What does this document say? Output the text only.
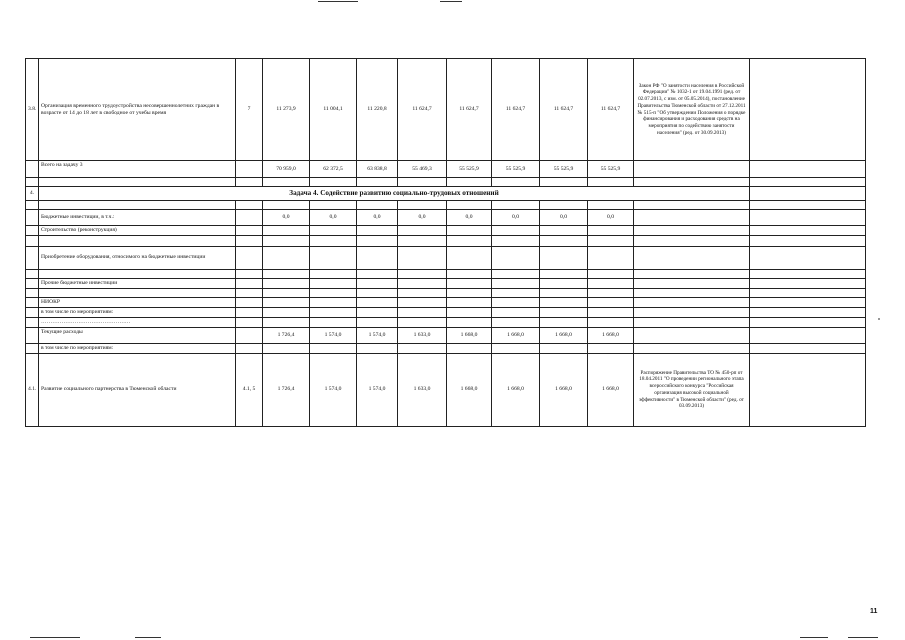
3.8.	Организация временного трудоустройства несовершеннолетних граждан в возрасте от 14 до 18 лет в свободное от учебы время	7	11 273,9	11 004,1	11 220,8	11 624,7	11 624,7	11 624,7	11 624,7	11 624,7	Закон РФ "О занятости населения в Российской Федерации" № 1032-1 от 19.04.1991 (ред. от 02.07.2013, с изм. от 05.05.2014), постановление Правительства Тюменской области от 27.12.2011 № 515-п "Об утверждении Положения о порядке финансирования и расходования средств на мероприятия по содействию занятости населения" (ред. от 30.09.2013)	
	Всего на задачу 3		70 959,0	62 372,5	63 838,8	55 469,3	55 525,9	55 525,9	55 525,9	55 525,9		

4.	Задача 4. Содействие развитию социально-трудовых отношений											

	Бюджетные инвестиции, в т.ч.:		0,0	0,0	0,0	0,0	0,0	0,0	0,0	0,0		
	Строительство (реконструкция)											

	Приобретение оборудования, относимого на бюджетные инвестиции											

	Прочие бюджетные инвестиции											

	НИОКР											
	в том числе по мероприятиям:											
	…………………………………………											
	Текущие расходы		1 726,4	1 574,0	1 574,0	1 633,0	1 668,0	1 668,0	1 668,0	1 668,0		
	в том числе по мероприятиям:											
4.1.	Развитие социального партнерства в Тюменской области	4.1, 5	1 726,4	1 574,0	1 574,0	1 633,0	1 668,0	1 668,0	1 668,0	1 668,0	Распоряжение Правительства ТО № 450-рп от 18.04.2011 "О проведении регионального этапа всероссийского конкурса "Российская организация высокой социальной эффективности" в Тюменской области" (ред. от 03.09.2013)	
11
